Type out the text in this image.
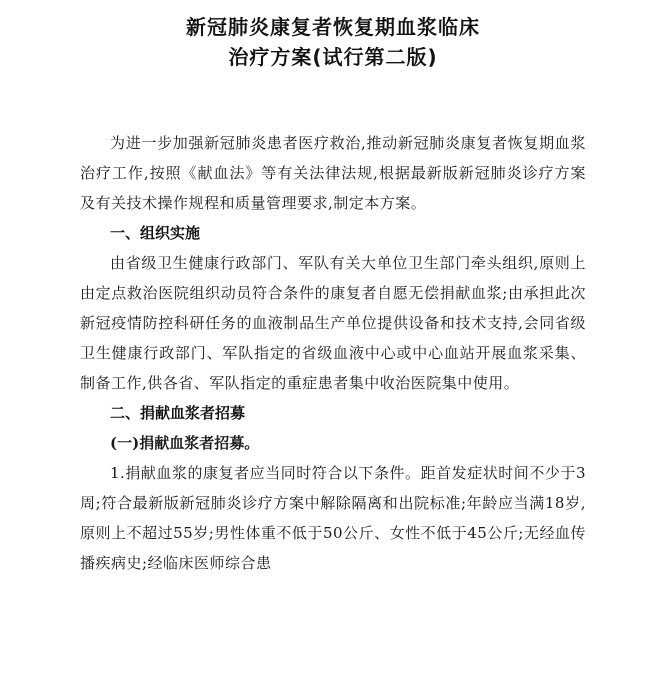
新冠肺炎康复者恢复期血浆临床
治疗方案(试行第二版)

为进一步加强新冠肺炎患者医疗救治,推动新冠肺炎康复者恢复期血浆治疗工作,按照《献血法》等有关法律法规,根据最新版新冠肺炎诊疗方案及有关技术操作规程和质量管理要求,制定本方案。

一、组织实施

由省级卫生健康行政部门、军队有关大单位卫生部门牵头组织,原则上由定点救治医院组织动员符合条件的康复者自愿无偿捐献血浆;由承担此次新冠疫情防控科研任务的血液制品生产单位提供设备和技术支持,会同省级卫生健康行政部门、军队指定的省级血液中心或中心血站开展血浆采集、制备工作,供各省、军队指定的重症患者集中收治医院集中使用。

二、捐献血浆者招募
(一)捐献血浆者招募。

1.捐献血浆的康复者应当同时符合以下条件。距首发症状时间不少于3周;符合最新版新冠肺炎诊疗方案中解除隔离和出院标准;年龄应当满18岁,原则上不超过55岁;男性体重不低于50公斤、女性不低于45公斤;无经血传播疾病史;经临床医师综合患
